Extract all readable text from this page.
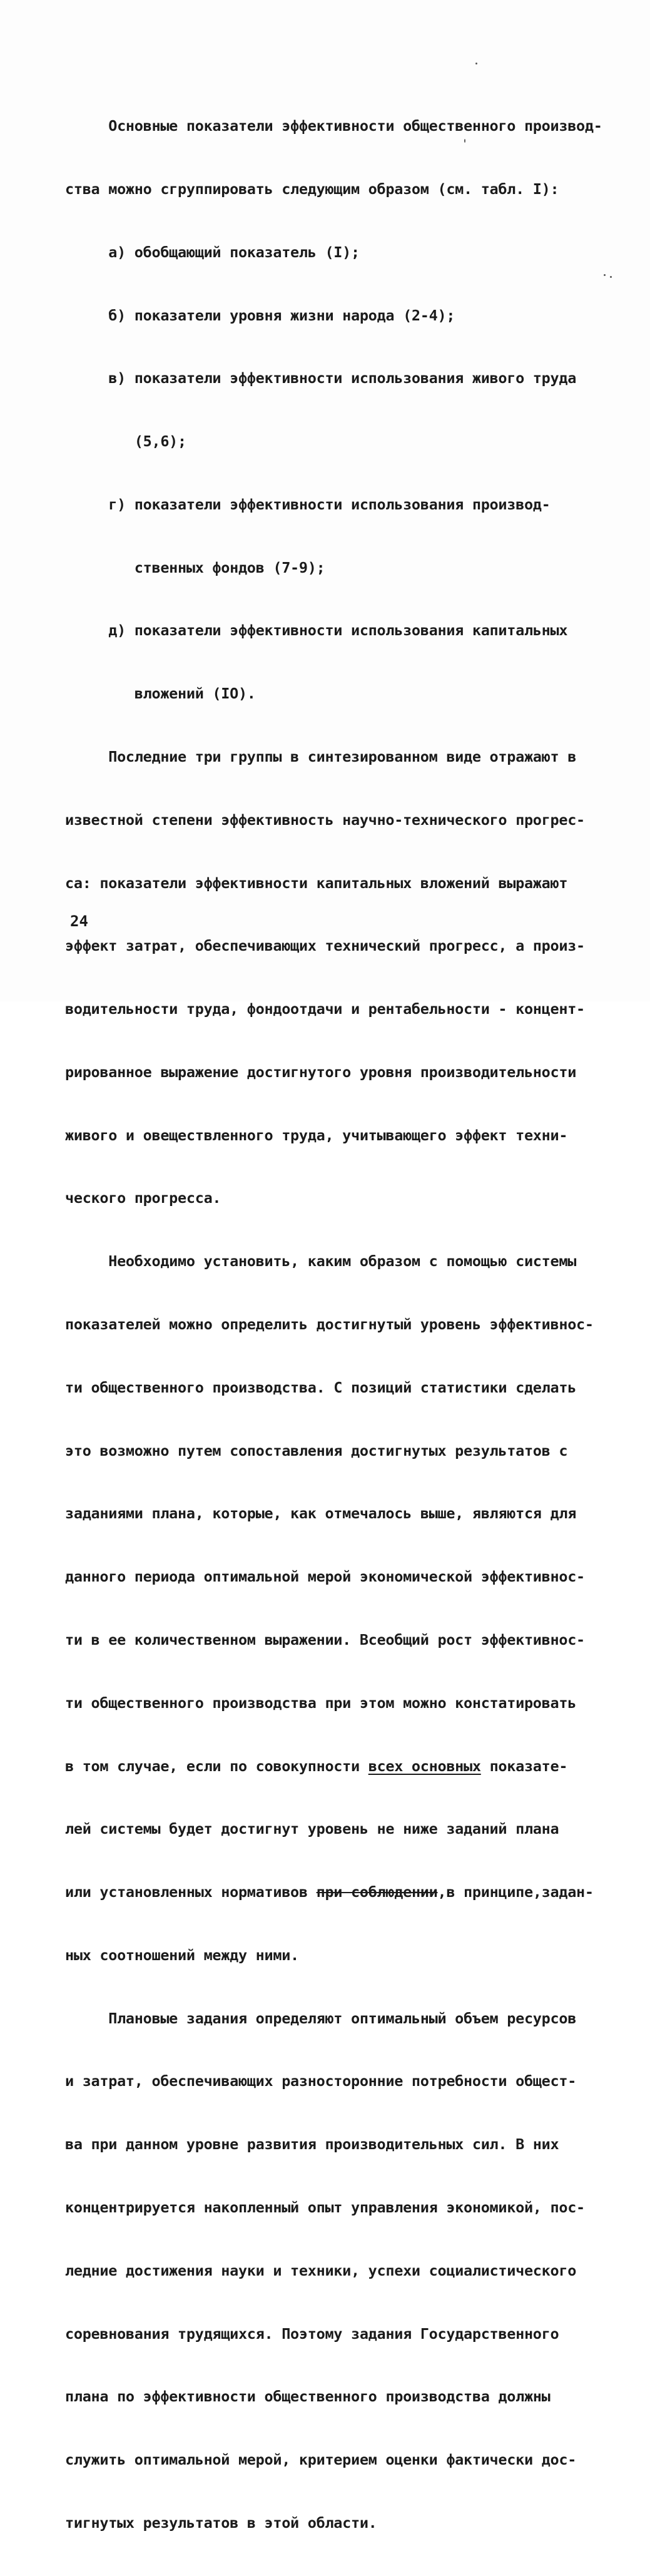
Основные показатели эффективности общественного производ-

ства можно сгруппировать следующим образом (см. табл. I):

а) обобщающий показатель (I);

б) показатели уровня жизни народа (2-4);

в) показатели эффективности использования живого труда

(5,6);

г) показатели эффективности использования производ-

ственных фондов (7-9);

д) показатели эффективности использования капитальных

вложений (IO).

Последние три группы в синтезированном виде отражают в

известной степени эффективность научно-технического прогрес-

са: показатели эффективности капитальных вложений выражают

эффект затрат, обеспечивающих технический прогресс, а произ-

водительности труда, фондоотдачи и рентабельности - концент-

рированное выражение достигнутого уровня производительности

живого и овеществленного труда, учитывающего эффект техни-

ческого прогресса.

Необходимо установить, каким образом с помощью системы

показателей можно определить достигнутый уровень эффективнос-

ти общественного производства. С позиций статистики сделать

это возможно путем сопоставления достигнутых результатов с

заданиями плана, которые, как отмечалось выше, являются для

данного периода оптимальной мерой экономической эффективнос-

ти в ее количественном выражении. Всеобщий рост эффективнос-

ти общественного производства при этом можно констатировать

в том случае, если по совокупности всех основных показате-

лей системы будет достигнут уровень не ниже заданий плана

или установленных нормативов при соблюдении,в принципе,задан-

ных соотношений между ними.

Плановые задания определяют оптимальный объем ресурсов

и затрат, обеспечивающих разносторонние потребности общест-

ва при данном уровне развития производительных сил. В них

концентрируется накопленный опыт управления экономикой, пос-

ледние достижения науки и техники, успехи социалистического

соревнования трудящихся. Поэтому задания Государственного

плана по эффективности общественного производства должны

служить оптимальной мерой, критерием оценки фактически дос-

тигнутых результатов в этой области.

24
